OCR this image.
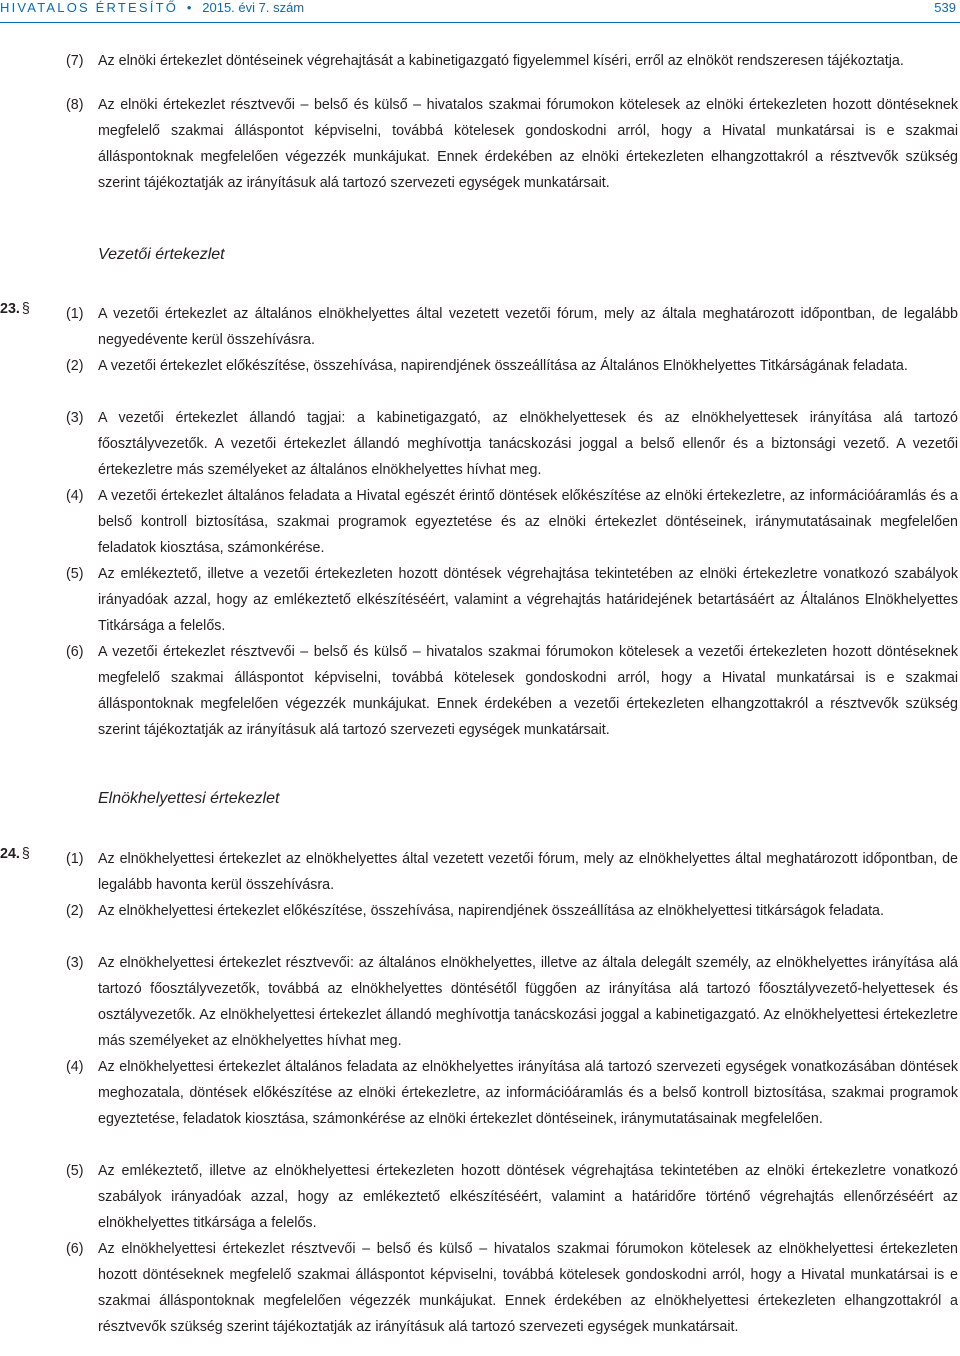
HIVATALOS ÉRTESÍTŐ • 2015. évi 7. szám	539
(7)	Az elnöki értekezlet döntéseinek végrehajtását a kabinetigazgató figyelemmel kíséri, erről az elnököt rendszeresen tájékoztatja.
(8) Az elnöki értekezlet résztvevői – belső és külső – hivatalos szakmai fórumokon kötelesek az elnöki értekezleten hozott döntéseknek megfelelő szakmai álláspontot képviselni, továbbá kötelesek gondoskodni arról, hogy a Hivatal munkatársai is e szakmai álláspontoknak megfelelően végezzék munkájukat. Ennek érdekében az elnöki értekezleten elhangzottakról a résztvevők szükség szerint tájékoztatják az irányításuk alá tartozó szervezeti egységek munkatársait.
Vezetői értekezlet
23. §	(1) A vezetői értekezlet az általános elnökhelyettes által vezetett vezetői fórum, mely az általa meghatározott időpontban, de legalább negyedévente kerül összehívásra.
(2) A vezetői értekezlet előkészítése, összehívása, napirendjének összeállítása az Általános Elnökhelyettes Titkárságának feladata.
(3) A vezetői értekezlet állandó tagjai: a kabinetigazgató, az elnökhelyettesek és az elnökhelyettesek irányítása alá tartozó főosztályvezetők. A vezetői értekezlet állandó meghívottja tanácskozási joggal a belső ellenőr és a biztonsági vezető. A vezetői értekezletre más személyeket az általános elnökhelyettes hívhat meg.
(4) A vezetői értekezlet általános feladata a Hivatal egészét érintő döntések előkészítése az elnöki értekezletre, az információáramlás és a belső kontroll biztosítása, szakmai programok egyeztetése és az elnöki értekezlet döntéseinek, iránymutatásainak megfelelően feladatok kiosztása, számonkérése.
(5) Az emlékeztető, illetve a vezetői értekezleten hozott döntések végrehajtása tekintetében az elnöki értekezletre vonatkozó szabályok irányadóak azzal, hogy az emlékeztető elkészítéséért, valamint a végrehajtás határidejének betartásáért az Általános Elnökhelyettes Titkársága a felelős.
(6) A vezetői értekezlet résztvevői – belső és külső – hivatalos szakmai fórumokon kötelesek a vezetői értekezleten hozott döntéseknek megfelelő szakmai álláspontot képviselni, továbbá kötelesek gondoskodni arról, hogy a Hivatal munkatársai is e szakmai álláspontoknak megfelelően végezzék munkájukat. Ennek érdekében a vezetői értekezleten elhangzottakról a résztvevők szükség szerint tájékoztatják az irányításuk alá tartozó szervezeti egységek munkatársait.
Elnökhelyettesi értekezlet
24. §	(1) Az elnökhelyettesi értekezlet az elnökhelyettes által vezetett vezetői fórum, mely az elnökhelyettes által meghatározott időpontban, de legalább havonta kerül összehívásra.
(2) Az elnökhelyettesi értekezlet előkészítése, összehívása, napirendjének összeállítása az elnökhelyettesi titkárságok feladata.
(3) Az elnökhelyettesi értekezlet résztvevői: az általános elnökhelyettes, illetve az általa delegált személy, az elnökhelyettes irányítása alá tartozó főosztályvezetők, továbbá az elnökhelyettes döntésétől függően az irányítása alá tartozó főosztályvezető-helyettesek és osztályvezetők. Az elnökhelyettesi értekezlet állandó meghívottja tanácskozási joggal a kabinetigazgató. Az elnökhelyettesi értekezletre más személyeket az elnökhelyettes hívhat meg.
(4) Az elnökhelyettesi értekezlet általános feladata az elnökhelyettes irányítása alá tartozó szervezeti egységek vonatkozásában döntések meghozatala, döntések előkészítése az elnöki értekezletre, az információáramlás és a belső kontroll biztosítása, szakmai programok egyeztetése, feladatok kiosztása, számonkérése az elnöki értekezlet döntéseinek, iránymutatásainak megfelelően.
(5) Az emlékeztető, illetve az elnökhelyettesi értekezleten hozott döntések végrehajtása tekintetében az elnöki értekezletre vonatkozó szabályok irányadóak azzal, hogy az emlékeztető elkészítéséért, valamint a határidőre történő végrehajtás ellenőrzéséért az elnökhelyettes titkársága a felelős.
(6) Az elnökhelyettesi értekezlet résztvevői – belső és külső – hivatalos szakmai fórumokon kötelesek az elnökhelyettesi értekezleten hozott döntéseknek megfelelő szakmai álláspontot képviselni, továbbá kötelesek gondoskodni arról, hogy a Hivatal munkatársai is e szakmai álláspontoknak megfelelően végezzék munkájukat. Ennek érdekében az elnökhelyettesi értekezleten elhangzottakról a résztvevők szükség szerint tájékoztatják az irányításuk alá tartozó szervezeti egységek munkatársait.
